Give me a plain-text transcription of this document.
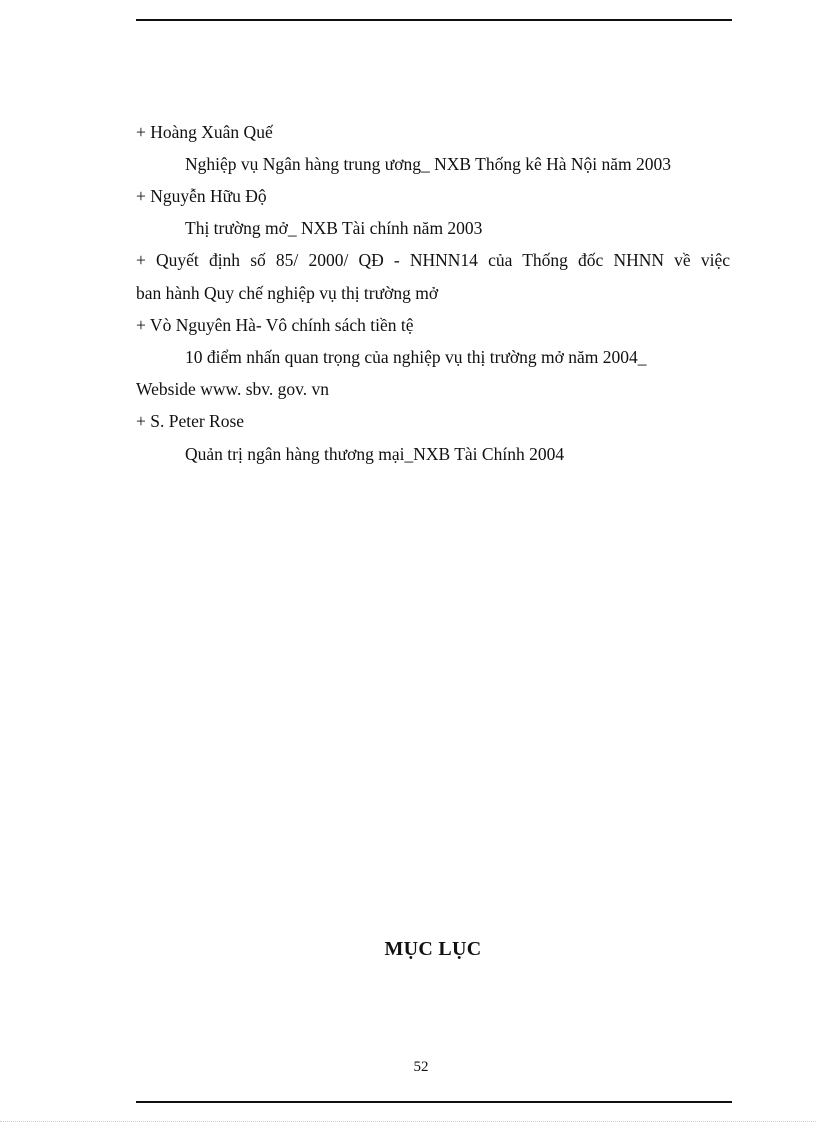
+ Hoàng Xuân Quế
Nghiệp vụ Ngân hàng trung ương_ NXB Thống kê Hà Nội năm 2003
+ Nguyễn Hữu Độ
Thị trường mở_ NXB Tài chính năm 2003
+ Quyết định số 85/ 2000/ QĐ - NHNN14 của Thống đốc NHNN về việc
ban hành Quy chế nghiệp vụ thị trường mở
+ Vò Nguyên Hà- Vô chính sách tiền tệ
10 điểm nhấn quan trọng của nghiệp vụ thị trường mở năm 2004_
Webside www. sbv. gov. vn
+ S. Peter Rose
Quản trị ngân hàng thương mại_NXB Tài Chính 2004
MỤC LỤC
52
